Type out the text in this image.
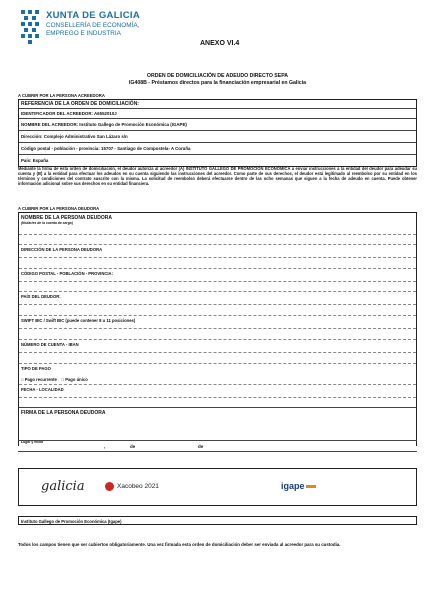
XUNTA DE GALICIA
CONSELLERÍA DE ECONOMÍA,
EMPREGO E INDUSTRIA
ANEXO VI.4
ORDEN DE DOMICILIACIÓN DE ADEUDO DIRECTO SEPA
IG408B - Préstamos directos para la financiación empresarial en Galicia
A CUBRIR POR LA PERSONA ACREEDORA
REFERENCIA DE LA ORDEN DE DOMICILIACIÓN:
IDENTIFICADOR DEL ACREEDOR: A6552010J
NOMBRE DEL ACREEDOR: Instituto Gallego de Promoción Económica (IGAPE)
Dirección: Complejo Administrativo San Lázaro s/n
Código postal - población - provincia: 15707 - Santiago de Compostela- A Coruña
País: España
Mediante la firma de esta orden de domiciliación, el deudor autoriza al acreedor (A) INSTITUTO GALLEGO DE PROMOCIÓN ECONÓMICA a enviar instrucciones a la entidad del deudor para adeudar su cuenta y (B) a la entidad para efectuar los adeudos en su cuenta siguiendo las instrucciones del acreedor. Como parte de sus derechos, el deudor está legitimado al reembolso por su entidad en los términos y condiciones del contrato suscrito con la misma. La solicitud de reembolso deberá efectuarse dentro de las ocho semanas que siguen a la fecha de adeudo en cuenta. Puede obtener información adicional sobre sus derechos en su entidad financiera.
A CUBRIR POR LA PERSONA DEUDORA
NOMBRE DE LA PERSONA DEUDORA
(titular/es de la cuenta de cargo)
DIRECCIÓN DE LA PERSONA DEUDORA
CÓDIGO POSTAL - POBLACIÓN - PROVINCIA:
PAÍS DEL DEUDOR:
SWIFT BIC / Swift BIC (puede contener 8 u 11 posiciones)
NÚMERO DE CUENTA - IBAN
TIPO DE PAGO
□ Pago recurrente □ Pago único
FECHA - LOCALIDAD
FIRMA DE LA PERSONA DEUDORA
Lugar y fecha
,	de	de
galicia	Xacobeo 2021	igape
Instituto Gallego de Promoción Económica (Igape)
Todos los campos tienen que ser cubiertos obligatoriamente. Una vez firmada esta orden de domiciliación deber ser enviada al acreedor para su custodia.
